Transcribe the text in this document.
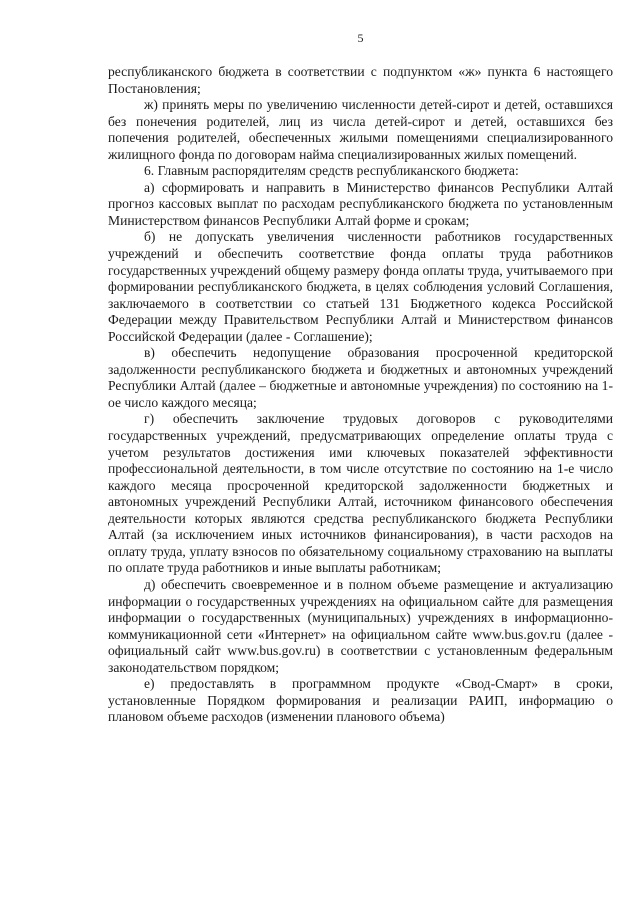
5

республиканского бюджета в соответствии с подпунктом «ж» пункта 6 настоящего Постановления;

ж) принять меры по увеличению численности детей-сирот и детей, оставшихся без понечения родителей, лиц из числа детей-сирот и детей, оставшихся без попечения родителей, обеспеченных жилыми помещениями специализированного жилищного фонда по договорам найма специализированных жилых помещений.

6. Главным распорядителям средств республиканского бюджета:

а) сформировать и направить в Министерство финансов Республики Алтай прогноз кассовых выплат по расходам республиканского бюджета по установленным Министерством финансов Республики Алтай форме и срокам;

б) не допускать увеличения численности работников государственных учреждений и обеспечить соответствие фонда оплаты труда работников государственных учреждений общему размеру фонда оплаты труда, учитываемого при формировании республиканского бюджета, в целях соблюдения условий Соглашения, заключаемого в соответствии со статьей 131 Бюджетного кодекса Российской Федерации между Правительством Республики Алтай и Министерством финансов Российской Федерации (далее - Соглашение);

в) обеспечить недопущение образования просроченной кредиторской задолженности республиканского бюджета и бюджетных и автономных учреждений Республики Алтай (далее – бюджетные и автономные учреждения) по состоянию на 1-ое число каждого месяца;

г) обеспечить заключение трудовых договоров с руководителями государственных учреждений, предусматривающих определение оплаты труда с учетом результатов достижения ими ключевых показателей эффективности профессиональной деятельности, в том числе отсутствие по состоянию на 1-е число каждого месяца просроченной кредиторской задолженности бюджетных и автономных учреждений Республики Алтай, источником финансового обеспечения деятельности которых являются средства республиканского бюджета Республики Алтай (за исключением иных источников финансирования), в части расходов на оплату труда, уплату взносов по обязательному социальному страхованию на выплаты по оплате труда работников и иные выплаты работникам;

д) обеспечить своевременное и в полном объеме размещение и актуализацию информации о государственных учреждениях на официальном сайте для размещения информации о государственных (муниципальных) учреждениях в информационно-коммуникационной сети «Интернет» на официальном сайте www.bus.gov.ru (далее - официальный сайт www.bus.gov.ru) в соответствии с установленным федеральным законодательством порядком;

е) предоставлять в программном продукте «Свод-Смарт» в сроки, установленные Порядком формирования и реализации РАИП, информацию о плановом объеме расходов (изменении планового объема)
